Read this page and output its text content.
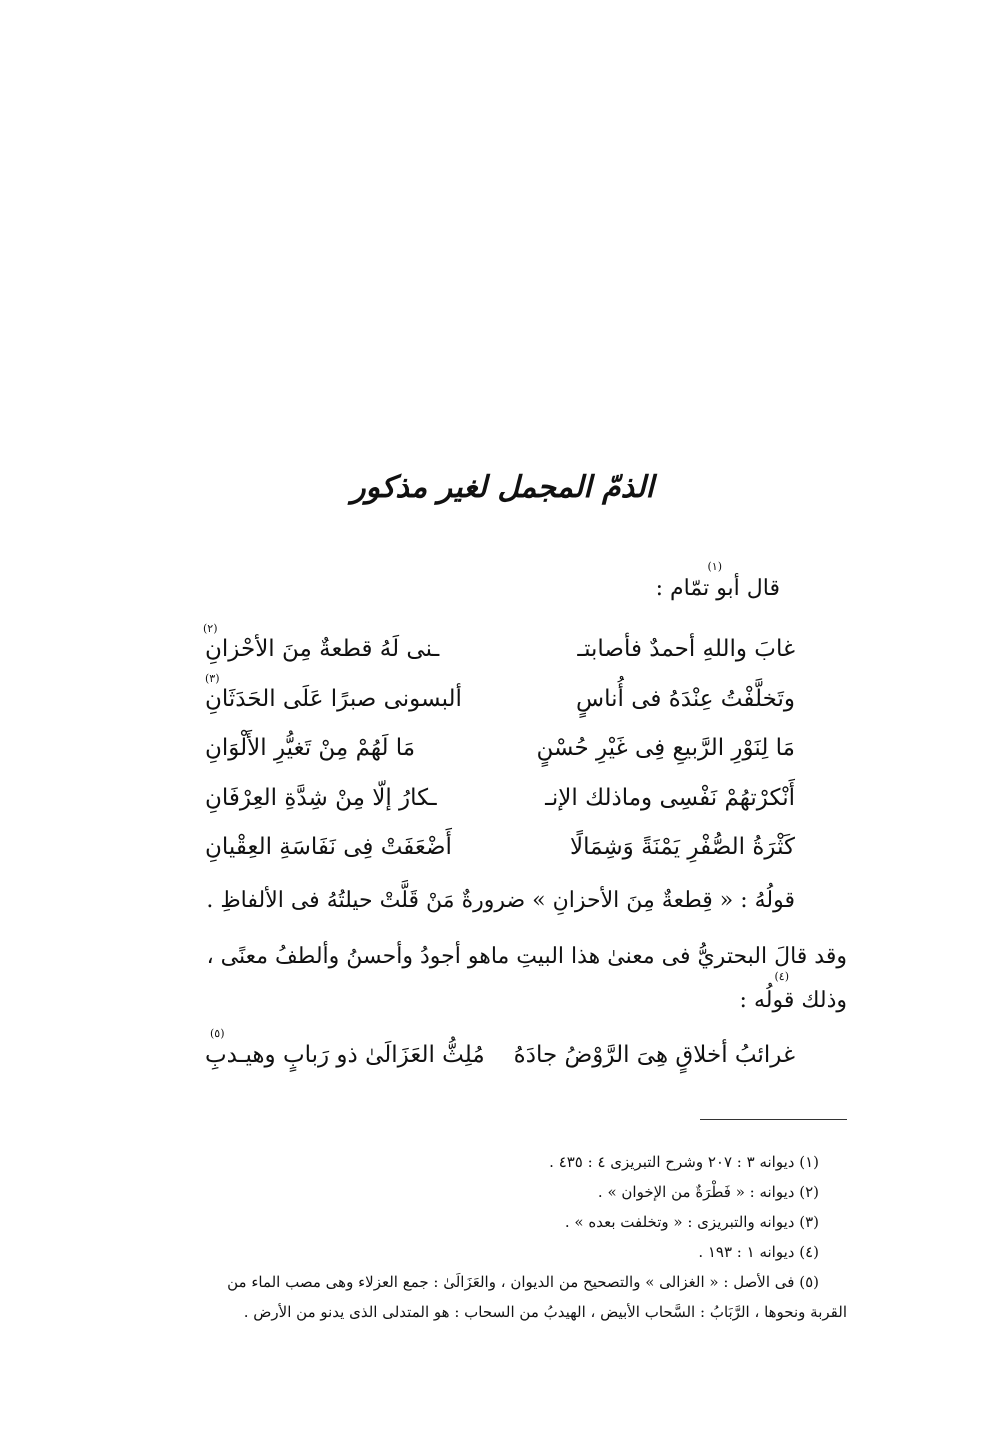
الذمّ المجمل لغير مذكور
(١)
قال أبو تمّام :
(٢)
غابَ واللهِ أحمدٌ فأصابتـ
ـنى لَهُ قطعةٌ مِنَ الأحْزانِ
(٣)
وتَخلَّفْتُ عِنْدَهُ فى أُناسٍ
ألبسونى صبرًا عَلَى الحَدَثَانِ
مَا لِنَوْرِ الرَّبيعِ فِى غَيْرِ حُسْنٍ
مَا لَهُمْ مِنْ تَغيُّرِ الأَلْوَانِ
أَنْكرْتهُمْ نَفْسِى وماذلك الإنـ
ـكارُ إلّا مِنْ شِدَّةِ العِرْفَانِ
كَثْرَةُ الصُّفْرِ يَمْنَةً وَشِمَالًا
أَضْعَفَتْ فِى نَفَاسَةِ العِقْيانِ
قولُهُ : « قِطعةٌ مِنَ الأحزانِ » ضرورةٌ مَنْ قَلَّتْ حيلتُهُ فى الألفاظِ .
وقد قالَ البحتريُّ فى معنىٰ هذا البيتِ ماهو أجودُ وأحسنُ وألطفُ معنًى ،
(٤)
وذلك قولُه :
(٥)
غرائبُ أخلاقٍ هِىَ الرَّوْضُ جادَهُ
مُلِثُّ العَزَالَىٰ ذو رَبابٍ وهيـدبِ
(١) ديوانه ٣ : ٢٠٧ وشرح التبريزى ٤ : ٤٣٥ .
(٢) ديوانه : « فَطْرَةٌ من الإخوان » .
(٣) ديوانه والتبريزى : « وتخلفت بعده » .
(٤) ديوانه ١ : ١٩٣ .
(٥) فى الأصل : « الغزالى » والتصحيح من الديوان ، والعَزَالَىٰ : جمع العزلاء وهى مصب الماء من
القربة ونحوها ، الرَّبَابُ : السَّحاب الأبيض ، الهيدبُ من السحاب : هو المتدلى الذى يدنو من الأرض .
